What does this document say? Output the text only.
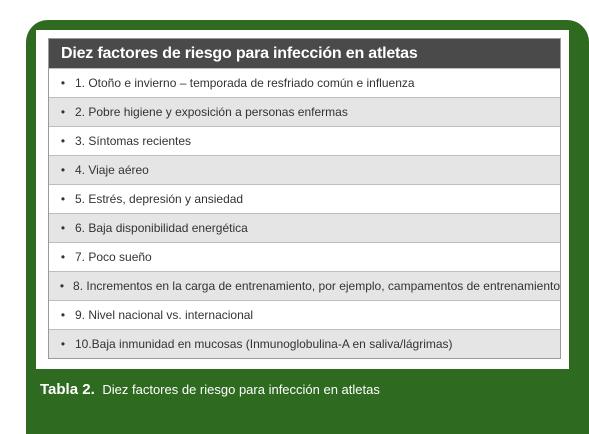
Diez factores de riesgo para infección en atletas
• 1. Otoño e invierno – temporada de resfriado común e influenza
• 2. Pobre higiene y exposición a personas enfermas
• 3. Síntomas recientes
• 4. Viaje aéreo
• 5. Estrés, depresión y ansiedad
• 6. Baja disponibilidad energética
• 7. Poco sueño
• 8. Incrementos en la carga de entrenamiento, por ejemplo, campamentos de entrenamiento
• 9. Nivel nacional vs. internacional
• 10.Baja inmunidad en mucosas (Inmunoglobulina-A en saliva/lágrimas)
Tabla 2. Diez factores de riesgo para infección en atletas
